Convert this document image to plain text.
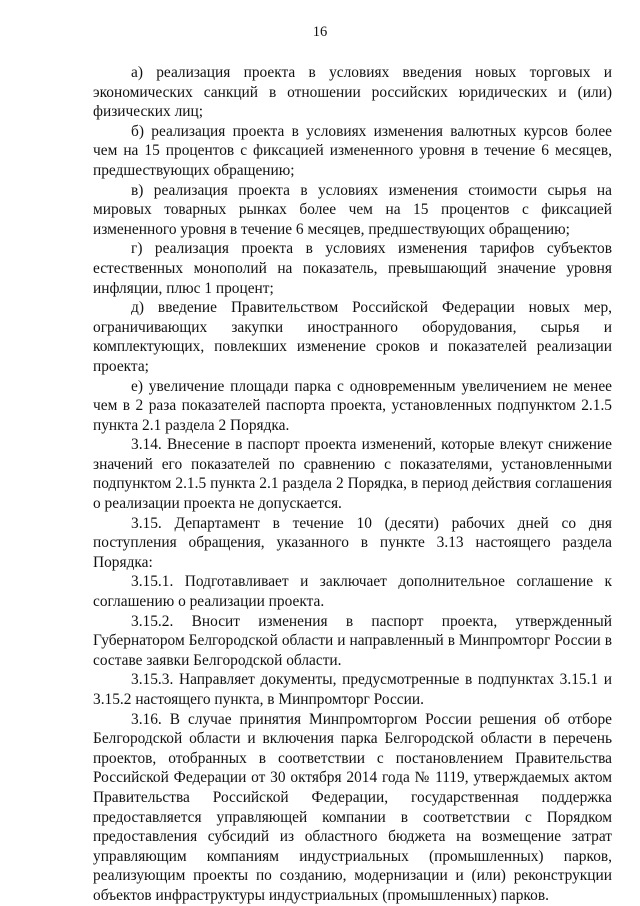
16

а) реализация проекта в условиях введения новых торговых и экономических санкций в отношении российских юридических и (или) физических лиц;

б) реализация проекта в условиях изменения валютных курсов более чем на 15 процентов с фиксацией измененного уровня в течение 6 месяцев, предшествующих обращению;

в) реализация проекта в условиях изменения стоимости сырья на мировых товарных рынках более чем на 15 процентов с фиксацией измененного уровня в течение 6 месяцев, предшествующих обращению;

г) реализация проекта в условиях изменения тарифов субъектов естественных монополий на показатель, превышающий значение уровня инфляции, плюс 1 процент;

д) введение Правительством Российской Федерации новых мер, ограничивающих закупки иностранного оборудования, сырья и комплектующих, повлекших изменение сроков и показателей реализации проекта;

е) увеличение площади парка с одновременным увеличением не менее чем в 2 раза показателей паспорта проекта, установленных подпунктом 2.1.5 пункта 2.1 раздела 2 Порядка.

3.14. Внесение в паспорт проекта изменений, которые влекут снижение значений его показателей по сравнению с показателями, установленными подпунктом 2.1.5 пункта 2.1 раздела 2 Порядка, в период действия соглашения о реализации проекта не допускается.

3.15. Департамент в течение 10 (десяти) рабочих дней со дня поступления обращения, указанного в пункте 3.13 настоящего раздела Порядка:

3.15.1. Подготавливает и заключает дополнительное соглашение к соглашению о реализации проекта.

3.15.2. Вносит изменения в паспорт проекта, утвержденный Губернатором Белгородской области и направленный в Минпромторг России в составе заявки Белгородской области.

3.15.3. Направляет документы, предусмотренные в подпунктах 3.15.1 и 3.15.2 настоящего пункта, в Минпромторг России.

3.16. В случае принятия Минпромторгом России решения об отборе Белгородской области и включения парка Белгородской области в перечень проектов, отобранных в соответствии с постановлением Правительства Российской Федерации от 30 октября 2014 года № 1119, утверждаемых актом Правительства Российской Федерации, государственная поддержка предоставляется управляющей компании в соответствии с Порядком предоставления субсидий из областного бюджета на возмещение затрат управляющим компаниям индустриальных (промышленных) парков, реализующим проекты по созданию, модернизации и (или) реконструкции объектов инфраструктуры индустриальных (промышленных) парков.
